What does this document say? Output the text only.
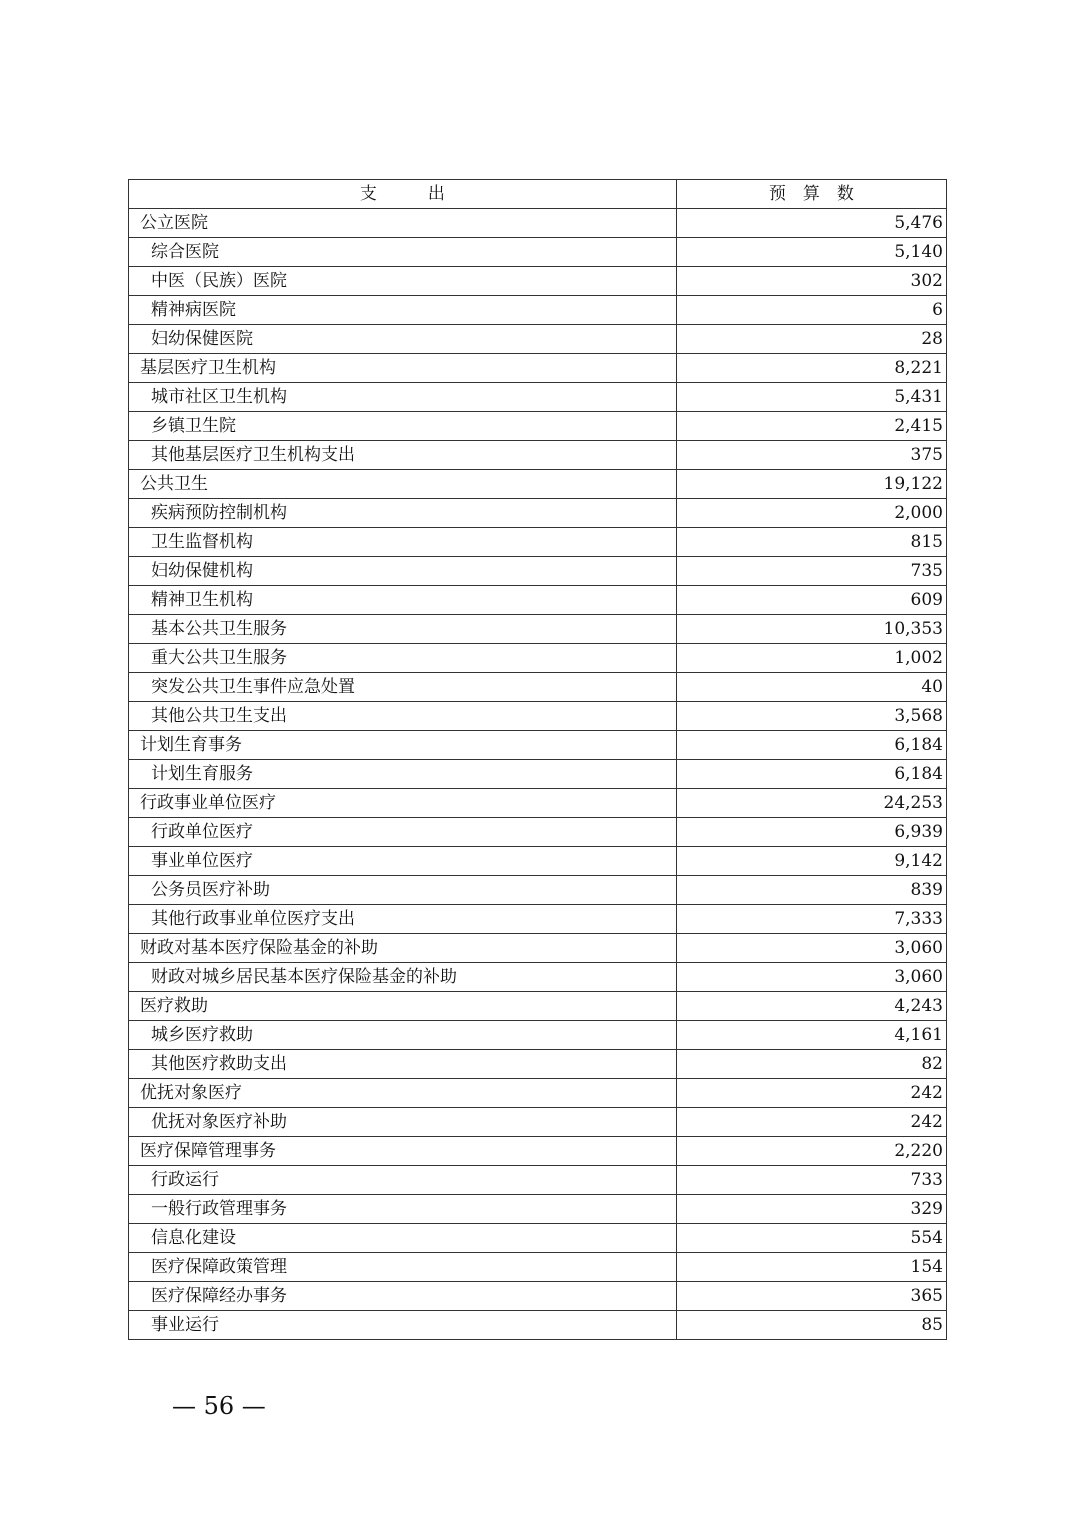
支　　　出	预　算　数
公立医院	5,476
综合医院	5,140
中医（民族）医院	302
精神病医院	6
妇幼保健医院	28
基层医疗卫生机构	8,221
城市社区卫生机构	5,431
乡镇卫生院	2,415
其他基层医疗卫生机构支出	375
公共卫生	19,122
疾病预防控制机构	2,000
卫生监督机构	815
妇幼保健机构	735
精神卫生机构	609
基本公共卫生服务	10,353
重大公共卫生服务	1,002
突发公共卫生事件应急处置	40
其他公共卫生支出	3,568
计划生育事务	6,184
计划生育服务	6,184
行政事业单位医疗	24,253
行政单位医疗	6,939
事业单位医疗	9,142
公务员医疗补助	839
其他行政事业单位医疗支出	7,333
财政对基本医疗保险基金的补助	3,060
财政对城乡居民基本医疗保险基金的补助	3,060
医疗救助	4,243
城乡医疗救助	4,161
其他医疗救助支出	82
优抚对象医疗	242
优抚对象医疗补助	242
医疗保障管理事务	2,220
行政运行	733
一般行政管理事务	329
信息化建设	554
医疗保障政策管理	154
医疗保障经办事务	365
事业运行	85
— 56 —
